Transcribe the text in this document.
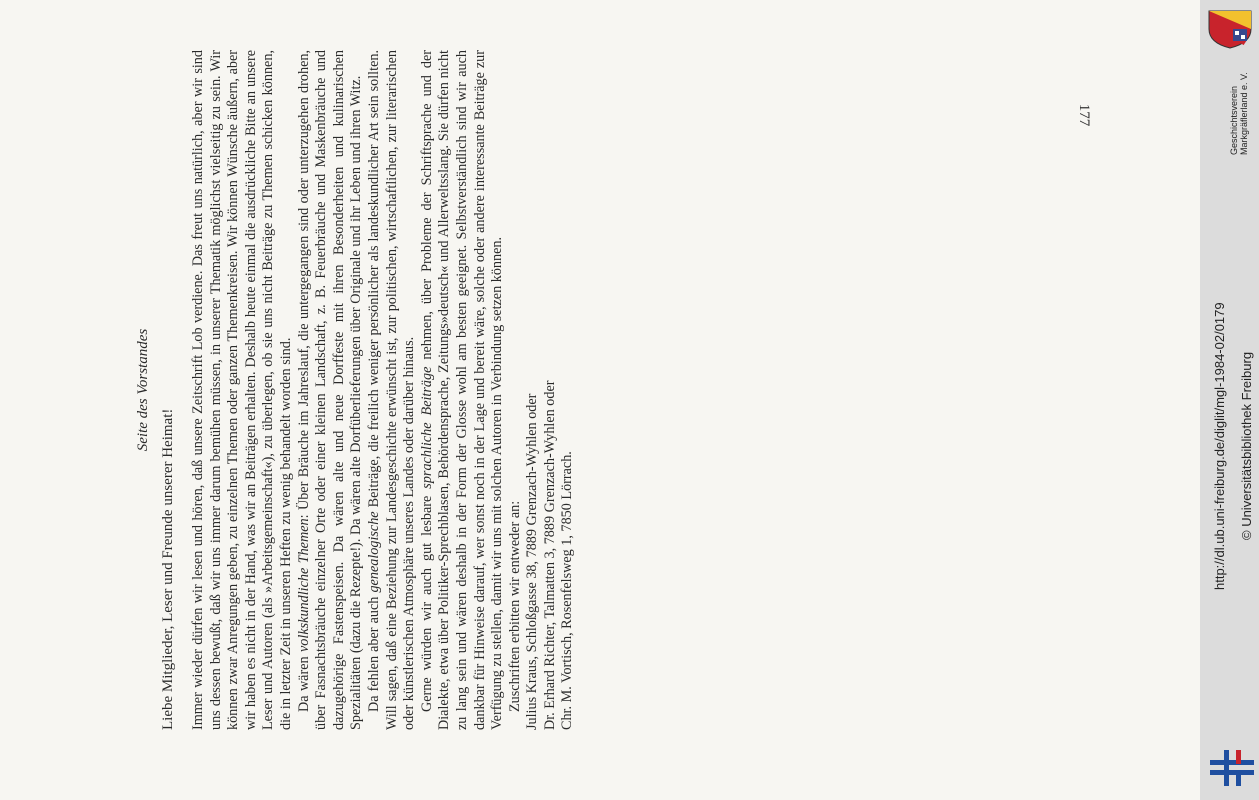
Seite des Vorstandes

Liebe Mitglieder, Leser und Freunde unserer Heimat! Immer wieder dürfen wir lesen und hören, daß unsere Zeitschrift Lob verdiene. Das freut uns natürlich, aber wir sind uns dessen bewußt, daß wir uns immer darum bemühen müssen, in unserer Thematik möglichst vielseitig zu sein. Wir können zwar Anregungen geben, zu einzelnen Themen oder ganzen Themenkreisen. Wir können Wünsche äußern, aber wir haben es nicht in der Hand, was wir an Beiträgen erhalten. Deshalb heute einmal die ausdrückliche Bitte an unsere Leser und Autoren (als »Arbeitsgemeinschaft«), zu überlegen, ob sie uns nicht Beiträge zu Themen schicken können, die in letzter Zeit in unseren Heften zu wenig behandelt worden sind. Da wären volkskundliche Themen: Über Bräuche im Jahreslauf, die untergegangen sind oder unterzugehen drohen, über Fasnachtsbräuche einzelner Orte oder einer kleinen Landschaft, z. B. Feuerbräuche und Maskenbräuche und dazugehörige Fastenspeisen. Da wären alte und neue Dorffeste mit ihren Besonderheiten und kulinarischen Spezialitäten (dazu die Rezepte!). Da wären alte Dorfüberlieferungen über Originale und ihr Leben und ihren Witz. Da fehlen aber auch genealogische Beiträge, die freilich weniger persönlicher als landeskundlicher Art sein sollten. Will sagen, daß eine Beziehung zur Landesgeschichte erwünscht ist, zur politischen, wirtschaftlichen, zur literarischen oder künstlerischen Atmosphäre unseres Landes oder darüber hinaus. Gerne würden wir auch gut lesbare sprachliche Beiträge nehmen, über Probleme der Schriftsprache und der Dialekte, etwa über Politiker-Sprechblasen, Behördensprache, Zeitungs»deutsch« und Allerweltsslang. Sie dürfen nicht zu lang sein und wären deshalb in der Form der Glosse wohl am besten geeignet. Selbstverständlich sind wir auch dankbar für Hinweise darauf, wer sonst noch in der Lage und bereit wäre, solche oder andere interessante Beiträge zur Verfügung zu stellen, damit wir uns mit solchen Autoren in Verbindung setzen können. Zuschriften erbitten wir entweder an: Julius Kraus, Schloßgasse 38, 7889 Grenzach-Wyhlen oder Dr. Erhard Richter, Talmatten 3, 7889 Grenzach-Wyhlen oder Chr. M. Vortisch, Rosenfelsweg 1, 7850 Lörrach.

177	Geschichtsverein Markgräflerland e. V.
http://dl.ub.uni-freiburg.de/diglit/mgl-1984-02/0179 © Universitätsbibliothek Freiburg
